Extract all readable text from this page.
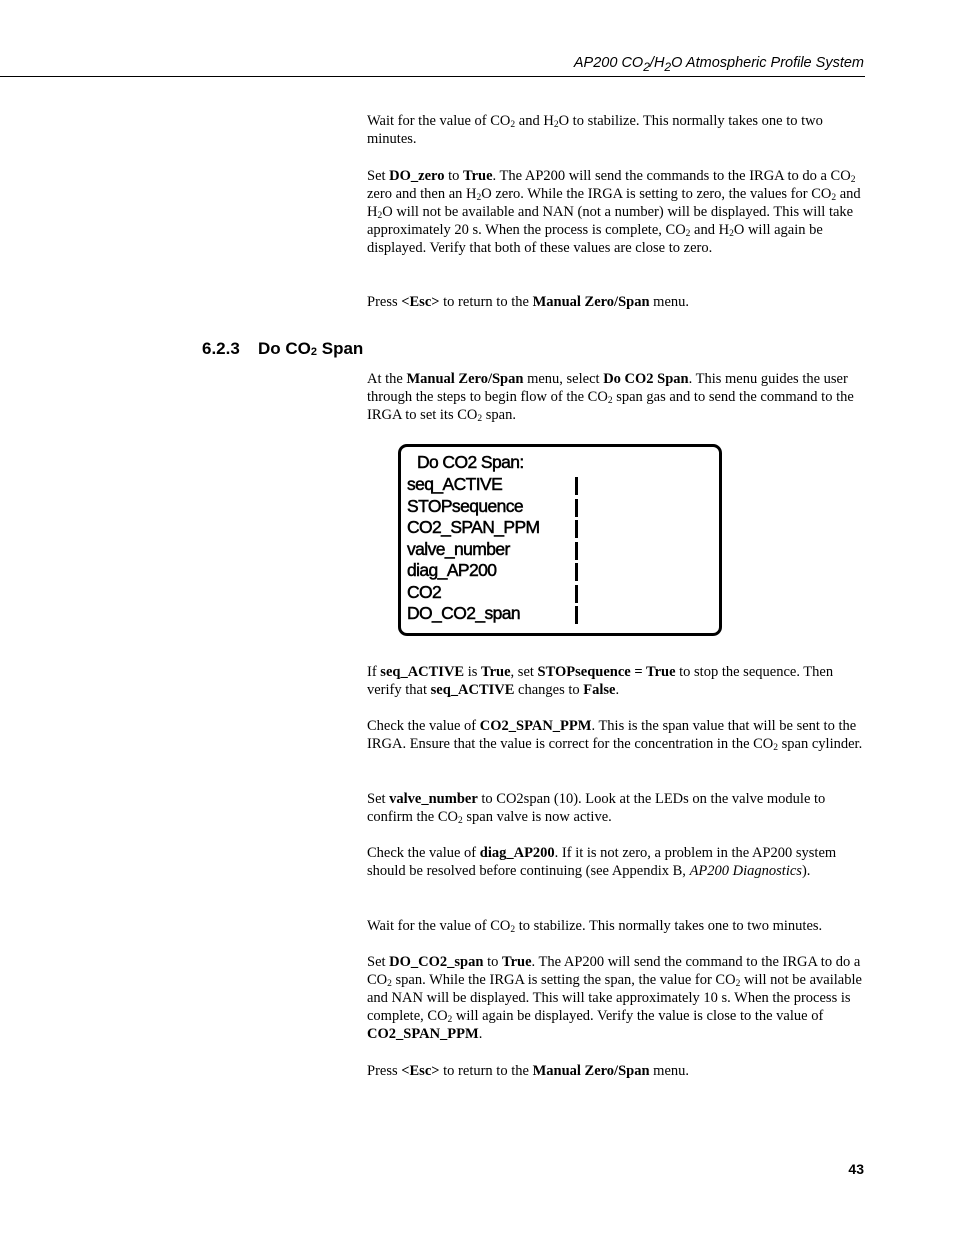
AP200 $CO_2/H_2O$ Atmospheric Profile System
Wait for the value of $CO_2$ and $H_2O$ to stabilize. This normally takes one to two minutes.
Set DO_zero to True. The AP200 will send the commands to the IRGA to do a $CO_2$ zero and then an $H_2O$ zero. While the IRGA is setting to zero, the values for $CO_2$ and $H_2O$ will not be available and NAN (not a number) will be displayed. This will take approximately 20 s. When the process is complete, $CO_2$ and $H_2O$ will again be displayed. Verify that both of these values are close to zero.
Press <Esc> to return to the Manual Zero/Span menu.
6.2.3 Do $CO_2$ Span
At the Manual Zero/Span menu, select Do CO2 Span. This menu guides the user through the steps to begin flow of the $CO_2$ span gas and to send the command to the IRGA to set its $CO_2$ span.
Do CO2 Span:
seq_ACTIVE
STOPsequence
CO2_SPAN_PPM
valve_number
diag_AP200
CO2
DO_CO2_span
If seq_ACTIVE is True, set STOPsequence = True to stop the sequence. Then verify that seq_ACTIVE changes to False.
Check the value of CO2_SPAN_PPM. This is the span value that will be sent to the IRGA. Ensure that the value is correct for the concentration in the $CO_2$ span cylinder.
Set valve_number to CO2span (10). Look at the LEDs on the valve module to confirm the $CO_2$ span valve is now active.
Check the value of diag_AP200. If it is not zero, a problem in the AP200 system should be resolved before continuing (see Appendix B, AP200 Diagnostics).
Wait for the value of $CO_2$ to stabilize. This normally takes one to two minutes.
Set DO_CO2_span to True. The AP200 will send the command to the IRGA to do a $CO_2$ span. While the IRGA is setting the span, the value for $CO_2$ will not be available and NAN will be displayed. This will take approximately 10 s. When the process is complete, $CO_2$ will again be displayed. Verify the value is close to the value of CO2_SPAN_PPM.
Press <Esc> to return to the Manual Zero/Span menu.
43
